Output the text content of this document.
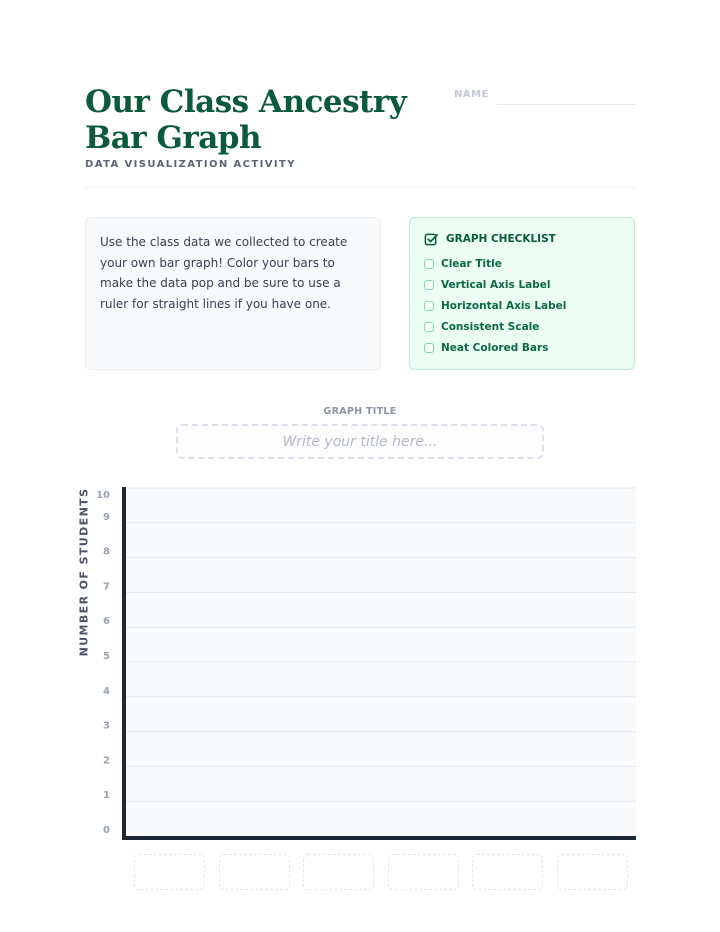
Our Class Ancestry Bar Graph
DATA VISUALIZATION ACTIVITY
NAME

Use the class data we collected to create your own bar graph! Color your bars to make the data pop and be sure to use a ruler for straight lines if you have one.

GRAPH CHECKLIST
Clear Title
Vertical Axis Label
Horizontal Axis Label
Consistent Scale
Neat Colored Bars
GRAPH TITLE
Write your title here...
NUMBER OF STUDENTS
0
1
2
3
4
5
6
7
8
9
10
